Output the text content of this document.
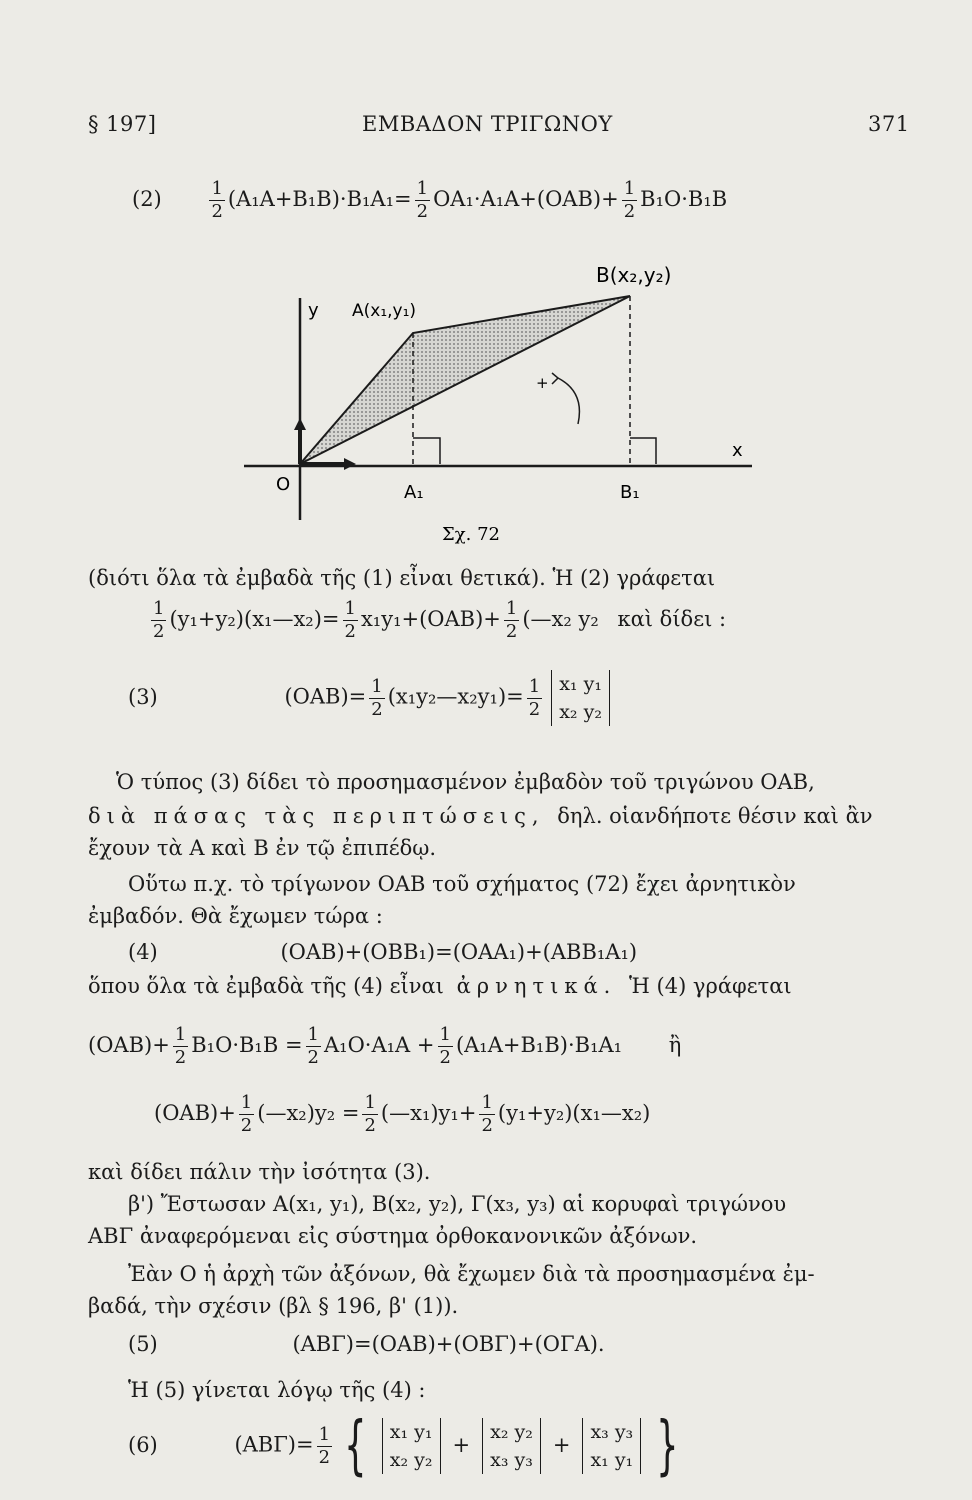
§ 197]	ΕΜΒΑΔΟΝ ΤΡΙΓΩΝΟΥ	371
(2)	$\frac{1}{2} (A_1A+B_1B)\cdot B_1A_1= \frac{1}{2} OA_1\cdot A_1A+(OAB)+ \frac{1}{2} B_1O\cdot B_1B$
B(x₂,y₂)
A(x₁,y₁)
y
x
O	A₁	B₁
+
Σχ. 72
(διότι ὅλα τὰ ἐμβαδὰ τῆς (1) εἶναι θετικά). Ἡ (2) γράφεται
$\frac{1}{2}$ (y₁+y₂)(x₁—x₂)= $\frac{1}{2} x_1y_1+(OAB)+ \frac{1}{2}$ (—x₂ y₂ καὶ δίδει :
(3)	$(OAB)= \frac{1}{2}$ (x₁y₂—x₂y₁)= $\frac{1}{2} x_1$ y₁
x₂ y₂
Ὁ τύπος (3) δίδει τὸ προσημασμένον ἐμβαδὸν τοῦ τριγώνου OAB,
διὰ πάσας τὰς περιπτώσεις, δηλ. οἱανδήποτε θέσιν καὶ ἂν
ἔχουν τὰ A καὶ B ἐν τῷ ἐπιπέδῳ.
Οὕτω π.χ. τὸ τρίγωνον OAB τοῦ σχήματος (72) ἔχει ἀρνητικὸν
ἐμβαδόν. Θὰ ἔχωμεν τώρα :
(4)	(OAB)+(OBB₁)=(OAA₁)+(ABB₁A₁)
ὅπου ὅλα τὰ ἐμβαδὰ τῆς (4) εἶναι ἀρνητικά. Ἡ (4) γράφεται
$(OAB)+ \frac{1}{2} B_1O\cdot B_1B = \frac{1}{2} A_1O\cdot A_1A + \frac{1}{2} (A_1A+B_1B)\cdot B_1A_1$ ἢ
$(OAB)+ \frac{1}{2}$ (—x₂)y₂ = $\frac{1}{2}$ (—x₁)y₁+ $\frac{1}{2}$ (y₁+y₂)(x₁—x₂)
καὶ δίδει πάλιν τὴν ἰσότητα (3).
β') Ἔστωσαν A(x₁, y₁), B(x₂, y₂), Γ(x₃, y₃) αἱ κορυφαὶ τριγώνου
ΑΒΓ ἀναφερόμεναι εἰς σύστημα ὀρθοκανονικῶν ἀξόνων.
Ἐὰν O ἡ ἀρχὴ τῶν ἀξόνων, θὰ ἔχωμεν διὰ τὰ προσημασμένα ἐμ-
βαδά, τὴν σχέσιν (βλ § 196, β' (1)).
(5)	(ΑΒΓ)=(OAB)+(OBΓ)+(OΓA).
Ἡ (5) γίνεται λόγῳ τῆς (4) :
(6)	$(AB\Gamma)= \frac{1}{2}$ { x₁ y₁
x₂ y₂
+
x₂ y₂
x₃ y₃
+
x₃ y₃
x₁ y₁ }
